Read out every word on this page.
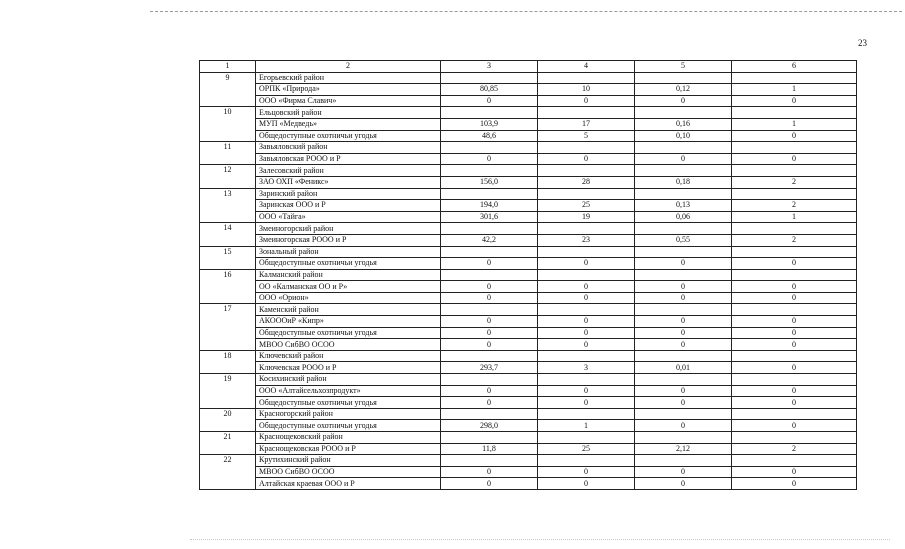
23
1	2	3	4	5	6
9	Егорьевский район				
	ОРПК «Природа»	80,85	10	0,12	1
	ООО «Фирма Славич»	0	0	0	0
10	Ельцовский район				
	МУП «Медведь»	103,9	17	0,16	1
	Общедоступные охотничьи угодья	48,6	5	0,10	0
11	Завьяловский район				
	Завьяловская РООО и Р	0	0	0	0
12	Залесовский район				
	ЗАО ОХП «Феникс»	156,0	28	0,18	2
13	Заринский район				
	Заринская ООО и Р	194,0	25	0,13	2
	ООО «Тайга»	301,6	19	0,06	1
14	Змеиногорский район				
	Змеиногорская РООО и Р	42,2	23	0,55	2
15	Зональный район				
	Общедоступные охотничьи угодья	0	0	0	0
16	Калманский район				
	ОО «Калманская ОО и Р»	0	0	0	0
	ООО «Орион»	0	0	0	0
17	Каменский район				
	АКОООиР «Кипр»	0	0	0	0
	Общедоступные охотничьи угодья	0	0	0	0
	МВОО СибВО ОСОО	0	0	0	0
18	Ключевский район				
	Ключевская РООО и Р	293,7	3	0,01	0
19	Косихинский район				
	ООО «Алтайсельхозпродукт»	0	0	0	0
	Общедоступные охотничьи угодья	0	0	0	0
20	Красногорский район				
	Общедоступные охотничьи угодья	298,0	1	0	0
21	Краснощековский район				
	Краснощековская РООО и Р	11,8	25	2,12	2
22	Крутихинский район				
	МВОО СибВО ОСОО	0	0	0	0
	Алтайская краевая ООО и Р	0	0	0	0
